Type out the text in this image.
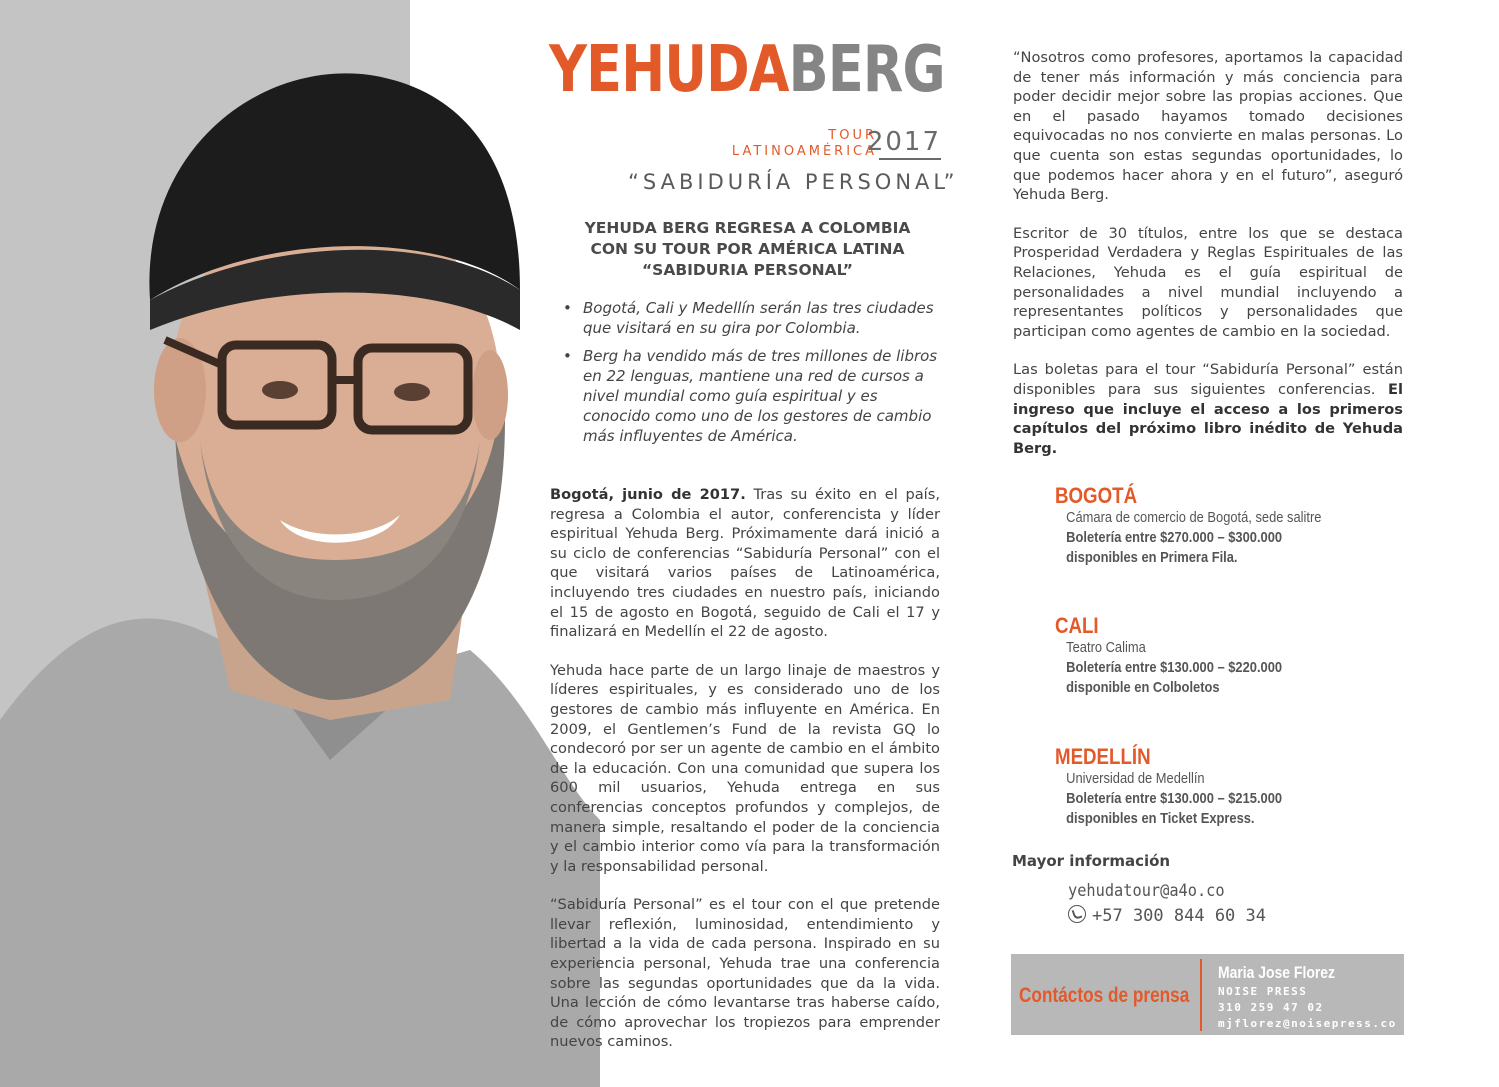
YEHUDABERG
TOUR
LATINOAMÉRICA
2017
“SABIDURÍA PERSONAL”
YEHUDA BERG REGRESA A COLOMBIA
CON SU TOUR POR AMÉRICA LATINA
“SABIDURIA PERSONAL”
• Bogotá, Cali y Medellín serán las tres ciudades que visitará en su gira por Colombia.
• Berg ha vendido más de tres millones de libros en 22 lenguas, mantiene una red de cursos a nivel mundial como guía espiritual y es conocido como uno de los gestores de cambio más influyentes de América.

Bogotá, junio de 2017. Tras su éxito en el país, regresa a Colombia el autor, conferencista y líder espiritual Yehuda Berg. Próximamente dará inició a su ciclo de conferencias “Sabiduría Personal” con el que visitará varios países de Latinoamérica, incluyendo tres ciudades en nuestro país, iniciando el 15 de agosto en Bogotá, seguido de Cali el 17 y finalizará en Medellín el 22 de agosto.

Yehuda hace parte de un largo linaje de maestros y líderes espirituales, y es considerado uno de los gestores de cambio más influyente en América. En 2009, el Gentlemen’s Fund de la revista GQ lo condecoró por ser un agente de cambio en el ámbito de la educación. Con una comunidad que supera los 600 mil usuarios, Yehuda entrega en sus conferencias conceptos profundos y complejos, de manera simple, resaltando el poder de la conciencia y el cambio interior como vía para la transformación y la responsabilidad personal.

“Sabiduría Personal” es el tour con el que pretende llevar reflexión, luminosidad, entendimiento y libertad a la vida de cada persona. Inspirado en su experiencia personal, Yehuda trae una conferencia sobre las segundas oportunidades que da la vida. Una lección de cómo levantarse tras haberse caído, de cómo aprovechar los tropiezos para emprender nuevos caminos.

“Nosotros como profesores, aportamos la capacidad de tener más información y más conciencia para poder decidir mejor sobre las propias acciones. Que en el pasado hayamos tomado decisiones equivocadas no nos convierte en malas personas. Lo que cuenta son estas segundas oportunidades, lo que podemos hacer ahora y en el futuro”, aseguró Yehuda Berg.

Escritor de 30 títulos, entre los que se destaca Prosperidad Verdadera y Reglas Espirituales de las Relaciones, Yehuda es el guía espiritual de personalidades a nivel mundial incluyendo a representantes políticos y personalidades que participan como agentes de cambio en la sociedad.

Las boletas para el tour “Sabiduría Personal” están disponibles para sus siguientes conferencias. El ingreso que incluye el acceso a los primeros capítulos del próximo libro inédito de Yehuda Berg.

BOGOTÁ
Cámara de comercio de Bogotá, sede salitre
Boletería entre $270.000 – $300.000
disponibles en Primera Fila.
CALI
Teatro Calima
Boletería entre $130.000 – $220.000
disponible en Colboletos
MEDELLÍN
Universidad de Medellín
Boletería entre $130.000 – $215.000
disponibles en Ticket Express.
Mayor información
yehudatour@a4o.co
+57 300 844 60 34
Contáctos de prensa
Maria Jose Florez
NOISE PRESS
310 259 47 02
mjflorez@noisepress.co
